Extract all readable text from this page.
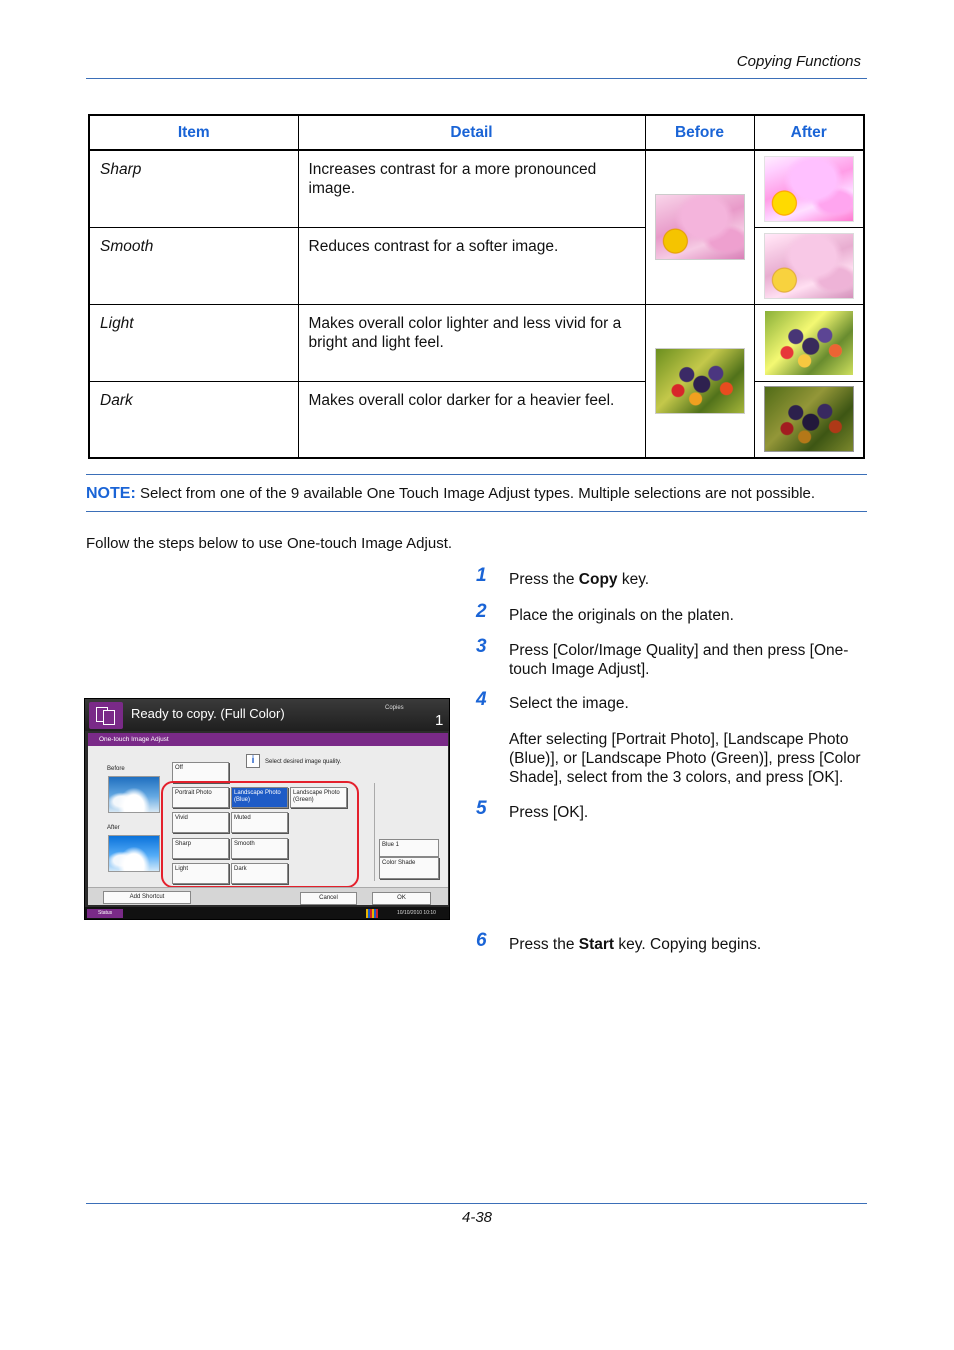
Copying Functions
Item	Detail	Before	After
Sharp	Increases contrast for a more pronounced image.		
Smooth	Reduces contrast for a softer image.		
Light	Makes overall color lighter and less vivid for a bright and light feel.		
Dark	Makes overall color darker for a heavier feel.		
NOTE: Select from one of the 9 available One Touch Image Adjust types. Multiple selections are not possible.
Follow the steps below to use One-touch Image Adjust.
1 Press the Copy key.
2 Place the originals on the platen.
3 Press [Color/Image Quality] and then press [One-touch Image Adjust].
4 Select the image.
After selecting [Portrait Photo], [Landscape Photo (Blue)], or [Landscape Photo (Green)], press [Color Shade], select from the 3 colors, and press [OK].
5 Press [OK].
6 Press the Start key. Copying begins.
Ready to copy. (Full Color)	Copies
1
One-touch Image Adjust
Before
After
Off
i	Select desired image quality.
Portrait Photo	Landscape Photo (Blue)
Landscape Photo (Green)
Vivid	Muted
Sharp	Smooth
Light	Dark
Blue 1
Color Shade
Add Shortcut	Cancel	OK
Status	10/10/2010 10:10
4-38
